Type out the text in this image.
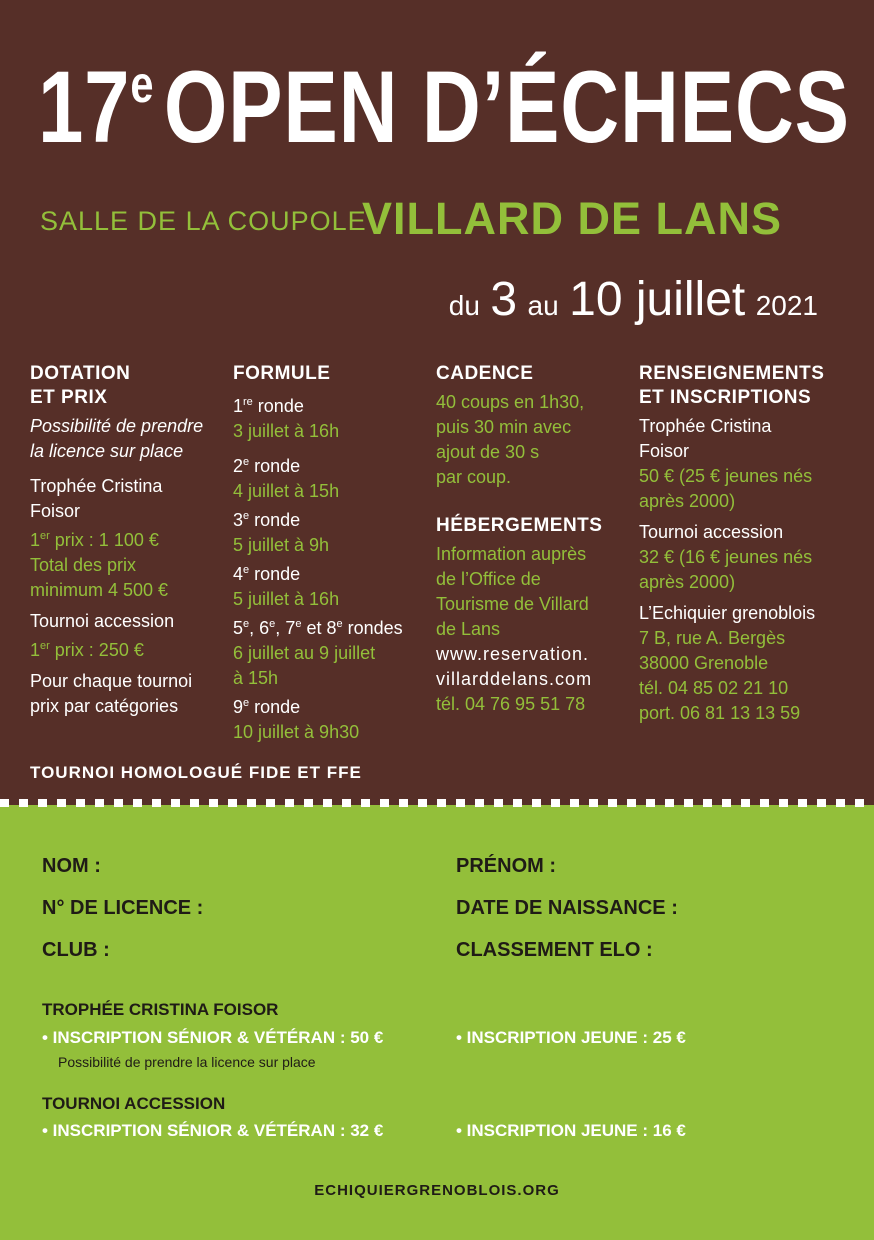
17eOPEN D’ÉCHECS
SALLE DE LA COUPOLE
VILLARD DE LANS
du 3 au 10 juillet 2021
DOTATION
ET PRIX
Possibilité de prendre
la licence sur place
Trophée Cristina
Foisor
1er prix : 1 100 €
Total des prix
minimum 4 500 €
Tournoi accession
1er prix : 250 €
Pour chaque tournoi
prix par catégories
FORMULE
1re ronde
3 juillet à 16h
2e ronde
4 juillet à 15h
3e ronde
5 juillet à 9h
4e ronde
5 juillet à 16h
5e, 6e, 7e et 8e rondes
6 juillet au 9 juillet
à 15h
9e ronde
10 juillet à 9h30
CADENCE
40 coups en 1h30,
puis 30 min avec
ajout de 30 s
par coup.
HÉBERGEMENTS
Information auprès
de l’Office de
Tourisme de Villard
de Lans
www.reservation.
villarddelans.com
tél. 04 76 95 51 78
RENSEIGNEMENTS
ET INSCRIPTIONS
Trophée Cristina
Foisor
50 € (25 € jeunes nés
après 2000)
Tournoi accession
32 € (16 € jeunes nés
après 2000)
L’Echiquier grenoblois
7 B, rue A. Bergès
38000 Grenoble
tél. 04 85 02 21 10
port. 06 81 13 13 59
TOURNOI HOMOLOGUÉ FIDE ET FFE
NOM :	PRÉNOM :
N° DE LICENCE :	DATE DE NAISSANCE :
CLUB :	CLASSEMENT ELO :
TROPHÉE CRISTINA FOISOR
• INSCRIPTION SÉNIOR & VÉTÉRAN : 50 €	• INSCRIPTION JEUNE : 25 €
Possibilité de prendre la licence sur place
TOURNOI ACCESSION
• INSCRIPTION SÉNIOR & VÉTÉRAN : 32 €	• INSCRIPTION JEUNE : 16 €
ECHIQUIERGRENOBLOIS.ORG
